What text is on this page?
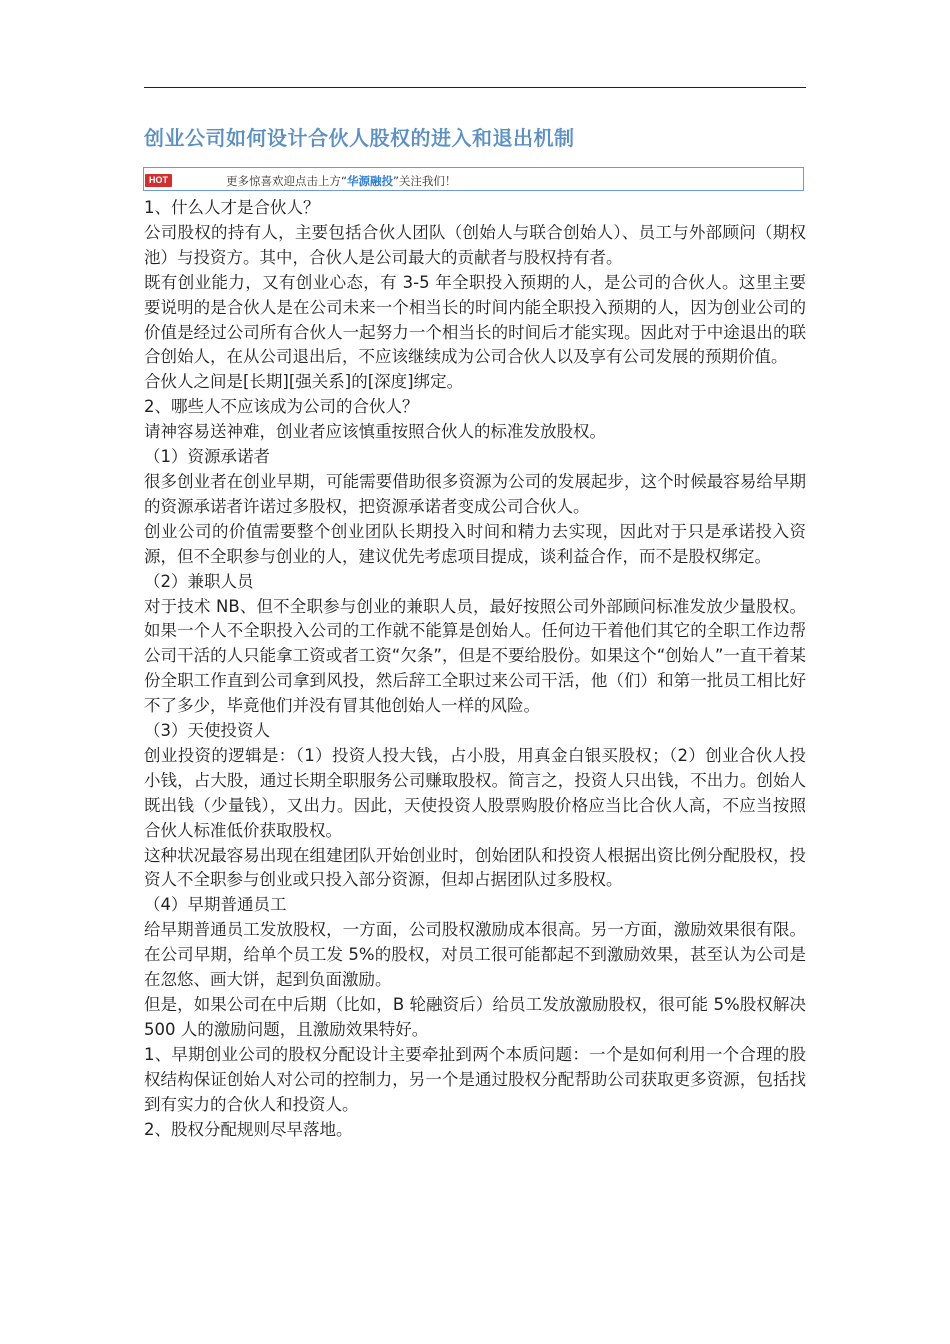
创业公司如何设计合伙人股权的进入和退出机制
HOT	更多惊喜欢迎点击上方“华源融投”关注我们！

1、什么人才是合伙人？

公司股权的持有人，主要包括合伙人团队（创始人与联合创始人）、员工与外部顾问（期权池）与投资方。其中，合伙人是公司最大的贡献者与股权持有者。

既有创业能力，又有创业心态，有 3-5 年全职投入预期的人，是公司的合伙人。这里主要要说明的是合伙人是在公司未来一个相当长的时间内能全职投入预期的人，因为创业公司的价值是经过公司所有合伙人一起努力一个相当长的时间后才能实现。因此对于中途退出的联合创始人，在从公司退出后，不应该继续成为公司合伙人以及享有公司发展的预期价值。

合伙人之间是[长期][强关系]的[深度]绑定。

2、哪些人不应该成为公司的合伙人？

请神容易送神难，创业者应该慎重按照合伙人的标准发放股权。

（1）资源承诺者

很多创业者在创业早期，可能需要借助很多资源为公司的发展起步，这个时候最容易给早期的资源承诺者许诺过多股权，把资源承诺者变成公司合伙人。

创业公司的价值需要整个创业团队长期投入时间和精力去实现，因此对于只是承诺投入资源，但不全职参与创业的人，建议优先考虑项目提成，谈利益合作，而不是股权绑定。

（2）兼职人员

对于技术 NB、但不全职参与创业的兼职人员，最好按照公司外部顾问标准发放少量股权。如果一个人不全职投入公司的工作就不能算是创始人。任何边干着他们其它的全职工作边帮公司干活的人只能拿工资或者工资“欠条”，但是不要给股份。如果这个“创始人”一直干着某份全职工作直到公司拿到风投，然后辞工全职过来公司干活，他（们）和第一批员工相比好不了多少，毕竟他们并没有冒其他创始人一样的风险。

（3）天使投资人

创业投资的逻辑是：（1）投资人投大钱，占小股，用真金白银买股权；（2）创业合伙人投小钱，占大股，通过长期全职服务公司赚取股权。简言之，投资人只出钱，不出力。创始人既出钱（少量钱），又出力。因此，天使投资人股票购股价格应当比合伙人高，不应当按照合伙人标准低价获取股权。

这种状况最容易出现在组建团队开始创业时，创始团队和投资人根据出资比例分配股权，投资人不全职参与创业或只投入部分资源，但却占据团队过多股权。

（4）早期普通员工

给早期普通员工发放股权，一方面，公司股权激励成本很高。另一方面，激励效果很有限。在公司早期，给单个员工发 5%的股权，对员工很可能都起不到激励效果，甚至认为公司是在忽悠、画大饼，起到负面激励。

但是，如果公司在中后期（比如，B 轮融资后）给员工发放激励股权，很可能 5%股权解决 500 人的激励问题，且激励效果特好。

1、早期创业公司的股权分配设计主要牵扯到两个本质问题：一个是如何利用一个合理的股权结构保证创始人对公司的控制力，另一个是通过股权分配帮助公司获取更多资源，包括找到有实力的合伙人和投资人。

2、股权分配规则尽早落地。
